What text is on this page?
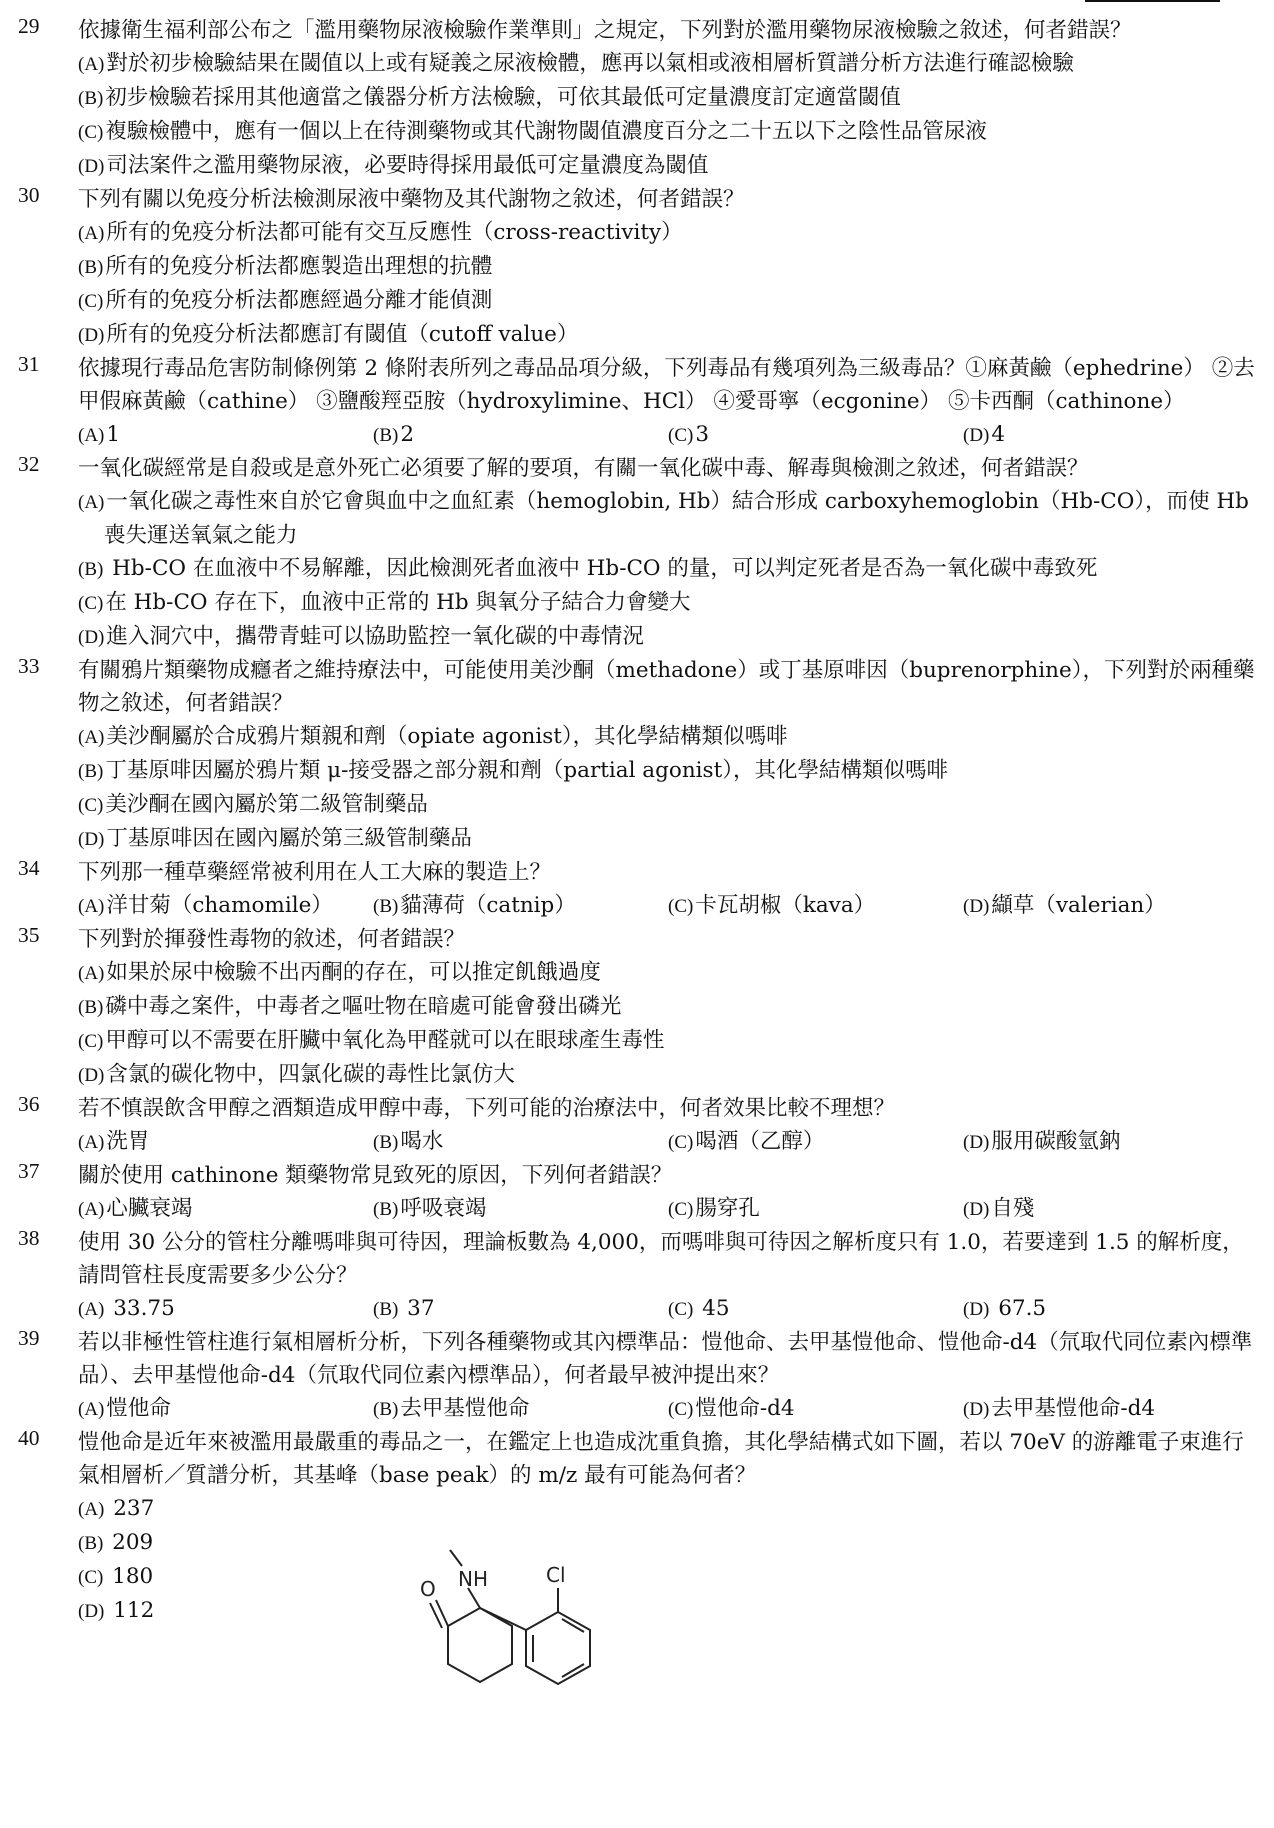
29	依據衛生福利部公布之「濫用藥物尿液檢驗作業準則」之規定，下列對於濫用藥物尿液檢驗之敘述，何者錯誤？
(A)對於初步檢驗結果在閾值以上或有疑義之尿液檢體，應再以氣相或液相層析質譜分析方法進行確認檢驗
(B)初步檢驗若採用其他適當之儀器分析方法檢驗，可依其最低可定量濃度訂定適當閾值
(C)複驗檢體中，應有一個以上在待測藥物或其代謝物閾值濃度百分之二十五以下之陰性品管尿液
(D)司法案件之濫用藥物尿液，必要時得採用最低可定量濃度為閾值
30	下列有關以免疫分析法檢測尿液中藥物及其代謝物之敘述，何者錯誤？
(A)所有的免疫分析法都可能有交互反應性（cross-reactivity）
(B)所有的免疫分析法都應製造出理想的抗體
(C)所有的免疫分析法都應經過分離才能偵測
(D)所有的免疫分析法都應訂有閾值（cutoff value）
31	依據現行毒品危害防制條例第 2 條附表所列之毒品品項分級，下列毒品有幾項列為三級毒品？①麻黃鹼（ephedrine） ②去甲假麻黃鹼（cathine） ③鹽酸羥亞胺（hydroxylimine、HCl） ④愛哥寧（ecgonine） ⑤卡西酮（cathinone）
(A)1	(B)2	(C)3	(D)4
32	一氧化碳經常是自殺或是意外死亡必須要了解的要項，有關一氧化碳中毒、解毒與檢測之敘述，何者錯誤？
(A)一氧化碳之毒性來自於它會與血中之血紅素（hemoglobin, Hb）結合形成 carboxyhemoglobin（Hb-CO），而使 Hb 喪失運送氧氣之能力
(B) Hb-CO 在血液中不易解離，因此檢測死者血液中 Hb-CO 的量，可以判定死者是否為一氧化碳中毒致死
(C)在 Hb-CO 存在下，血液中正常的 Hb 與氧分子結合力會變大
(D)進入洞穴中，攜帶青蛙可以協助監控一氧化碳的中毒情況
33	有關鴉片類藥物成癮者之維持療法中，可能使用美沙酮（methadone）或丁基原啡因（buprenorphine），下列對於兩種藥物之敘述，何者錯誤？
(A)美沙酮屬於合成鴉片類親和劑（opiate agonist），其化學結構類似嗎啡
(B)丁基原啡因屬於鴉片類 μ-接受器之部分親和劑（partial agonist），其化學結構類似嗎啡
(C)美沙酮在國內屬於第二級管制藥品
(D)丁基原啡因在國內屬於第三級管制藥品
34	下列那一種草藥經常被利用在人工大麻的製造上？
(A)洋甘菊（chamomile）	(B)貓薄荷（catnip）	(C)卡瓦胡椒（kava）	(D)纈草（valerian）
35	下列對於揮發性毒物的敘述，何者錯誤？
(A)如果於尿中檢驗不出丙酮的存在，可以推定飢餓過度
(B)磷中毒之案件，中毒者之嘔吐物在暗處可能會發出磷光
(C)甲醇可以不需要在肝臟中氧化為甲醛就可以在眼球產生毒性
(D)含氯的碳化物中，四氯化碳的毒性比氯仿大
36	若不慎誤飲含甲醇之酒類造成甲醇中毒，下列可能的治療法中，何者效果比較不理想？
(A)洗胃	(B)喝水	(C)喝酒（乙醇）	(D)服用碳酸氫鈉
37	關於使用 cathinone 類藥物常見致死的原因，下列何者錯誤？
(A)心臟衰竭	(B)呼吸衰竭	(C)腸穿孔	(D)自殘
38	使用 30 公分的管柱分離嗎啡與可待因，理論板數為 4,000，而嗎啡與可待因之解析度只有 1.0，若要達到 1.5 的解析度，請問管柱長度需要多少公分？
(A) 33.75	(B) 37	(C) 45	(D) 67.5
39	若以非極性管柱進行氣相層析分析，下列各種藥物或其內標準品：愷他命、去甲基愷他命、愷他命-d4（氘取代同位素內標準品）、去甲基愷他命-d4（氘取代同位素內標準品），何者最早被沖提出來？
(A)愷他命	(B)去甲基愷他命	(C)愷他命-d4	(D)去甲基愷他命-d4
40	愷他命是近年來被濫用最嚴重的毒品之一，在鑑定上也造成沈重負擔，其化學結構式如下圖，若以 70eV 的游離電子束進行氣相層析／質譜分析，其基峰（base peak）的 m/z 最有可能為何者？
(A) 237
(B) 209
(C) 180
(D) 112
O NH	Cl
